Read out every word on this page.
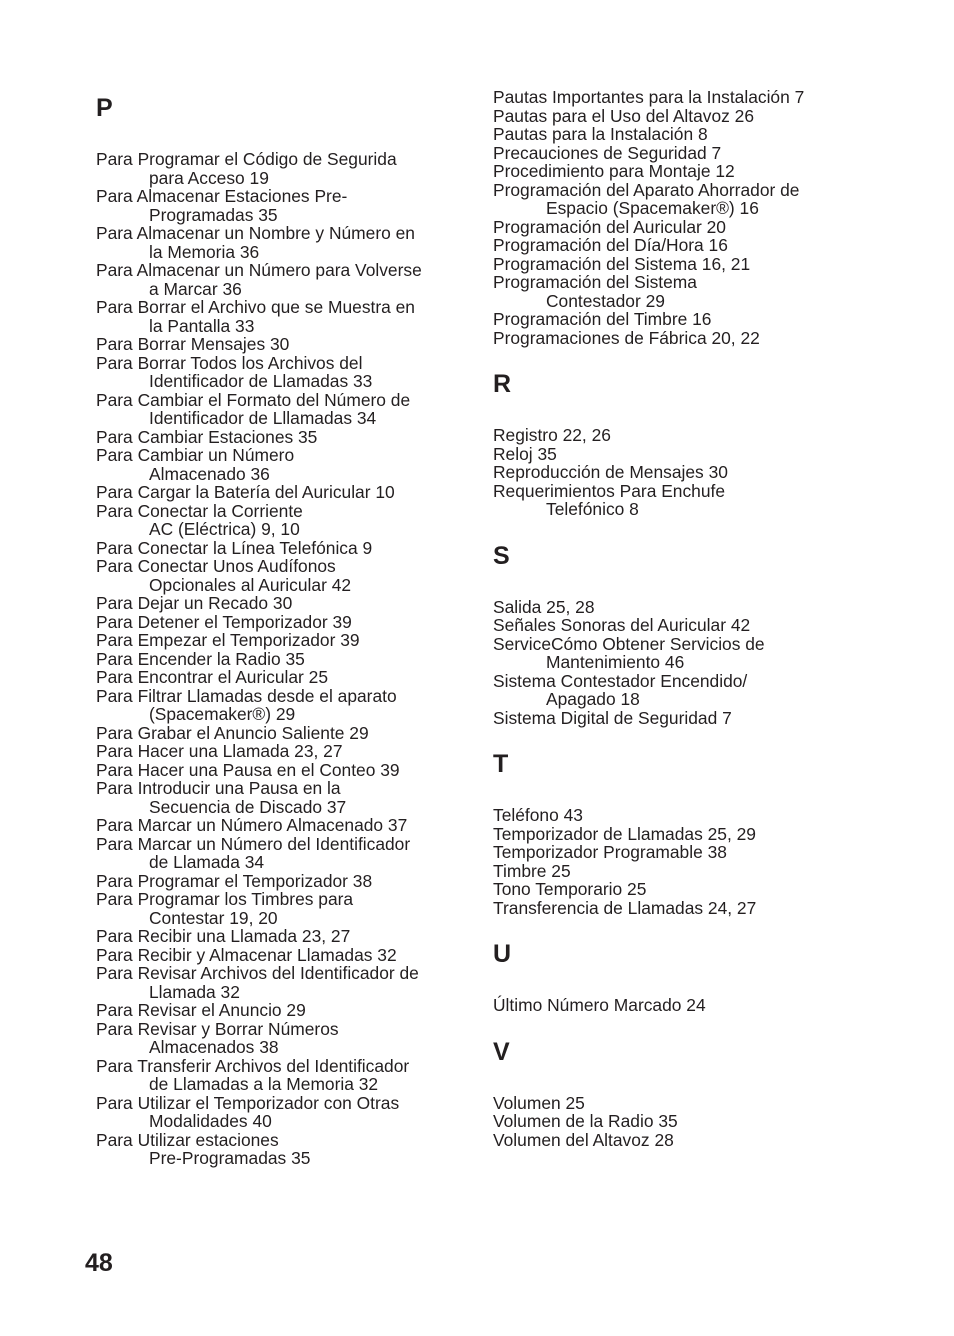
P
Para Programar el Código de Segurida
para Acceso 19
Para Almacenar Estaciones Pre-
Programadas 35
Para Almacenar un Nombre y Número en
la Memoria 36
Para Almacenar un Número para Volverse
a Marcar 36
Para Borrar el Archivo que se Muestra en
la Pantalla 33
Para Borrar Mensajes 30
Para Borrar Todos los Archivos del
Identificador de Llamadas 33
Para Cambiar el Formato del Número de
Identificador de Lllamadas 34
Para Cambiar Estaciones 35
Para Cambiar un Número
Almacenado 36
Para Cargar la Batería del Auricular 10
Para Conectar la Corriente
AC (Eléctrica) 9, 10
Para Conectar la Línea Telefónica 9
Para Conectar Unos Audífonos
Opcionales al Auricular 42
Para Dejar un Recado 30
Para Detener el Temporizador 39
Para Empezar el Temporizador 39
Para Encender la Radio 35
Para Encontrar el Auricular 25
Para Filtrar Llamadas desde el aparato
(Spacemaker®) 29
Para Grabar el Anuncio Saliente 29
Para Hacer una Llamada 23, 27
Para Hacer una Pausa en el Conteo 39
Para Introducir una Pausa en la
Secuencia de Discado 37
Para Marcar un Número Almacenado 37
Para Marcar un Número del Identificador
de Llamada 34
Para Programar el Temporizador 38
Para Programar los Timbres para
Contestar 19, 20
Para Recibir una Llamada 23, 27
Para Recibir y Almacenar Llamadas 32
Para Revisar Archivos del Identificador de
Llamada 32
Para Revisar el Anuncio 29
Para Revisar y Borrar Números
Almacenados 38
Para Transferir Archivos del Identificador
de Llamadas a la Memoria 32
Para Utilizar el Temporizador con Otras
Modalidades 40
Para Utilizar estaciones
Pre-Programadas 35
Pautas Importantes para la Instalación 7
Pautas para el Uso del Altavoz 26
Pautas para la Instalación 8
Precauciones de Seguridad 7
Procedimiento para Montaje 12
Programación del Aparato Ahorrador de
Espacio (Spacemaker®) 16
Programación del Auricular 20
Programación del Día/Hora 16
Programación del Sistema 16, 21
Programación del Sistema
Contestador 29
Programación del Timbre 16
Programaciones de Fábrica 20, 22
R
Registro 22, 26
Reloj 35
Reproducción de Mensajes 30
Requerimientos Para Enchufe
Telefónico 8
S
Salida 25, 28
Señales Sonoras del Auricular 42
ServiceCómo Obtener Servicios de
Mantenimiento 46
Sistema Contestador Encendido/
Apagado 18
Sistema Digital de Seguridad 7
T
Teléfono 43
Temporizador de Llamadas 25, 29
Temporizador Programable 38
Timbre 25
Tono Temporario 25
Transferencia de Llamadas 24, 27
U
Último Número Marcado 24
V
Volumen 25
Volumen de la Radio 35
Volumen del Altavoz 28
48
